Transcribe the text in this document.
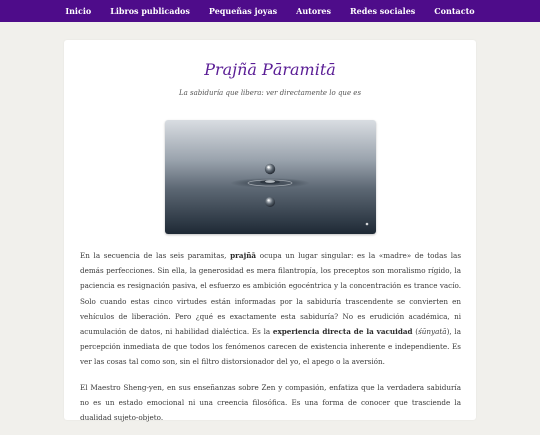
Inicio Libros publicados Pequeñas joyas Autores Redes sociales Contacto
Prajñā Pāramitā
La sabiduría que libera: ver directamente lo que es

En la secuencia de las seis paramitas, prajñā ocupa un lugar singular: es la «madre» de todas las demás perfecciones. Sin ella, la generosidad es mera filantropía, los preceptos son moralismo rígido, la paciencia es resignación pasiva, el esfuerzo es ambición egocéntrica y la concentración es trance vacío. Solo cuando estas cinco virtudes están informadas por la sabiduría trascendente se convierten en vehículos de liberación. Pero ¿qué es exactamente esta sabiduría? No es erudición académica, ni acumulación de datos, ni habilidad dialéctica. Es la experiencia directa de la vacuidad (śūnyatā), la percepción inmediata de que todos los fenómenos carecen de existencia inherente e independiente. Es ver las cosas tal como son, sin el filtro distorsionador del yo, el apego o la aversión.

El Maestro Sheng-yen, en sus enseñanzas sobre Zen y compasión, enfatiza que la verdadera sabiduría no es un estado emocional ni una creencia filosófica. Es una forma de conocer que trasciende la dualidad sujeto-objeto.
